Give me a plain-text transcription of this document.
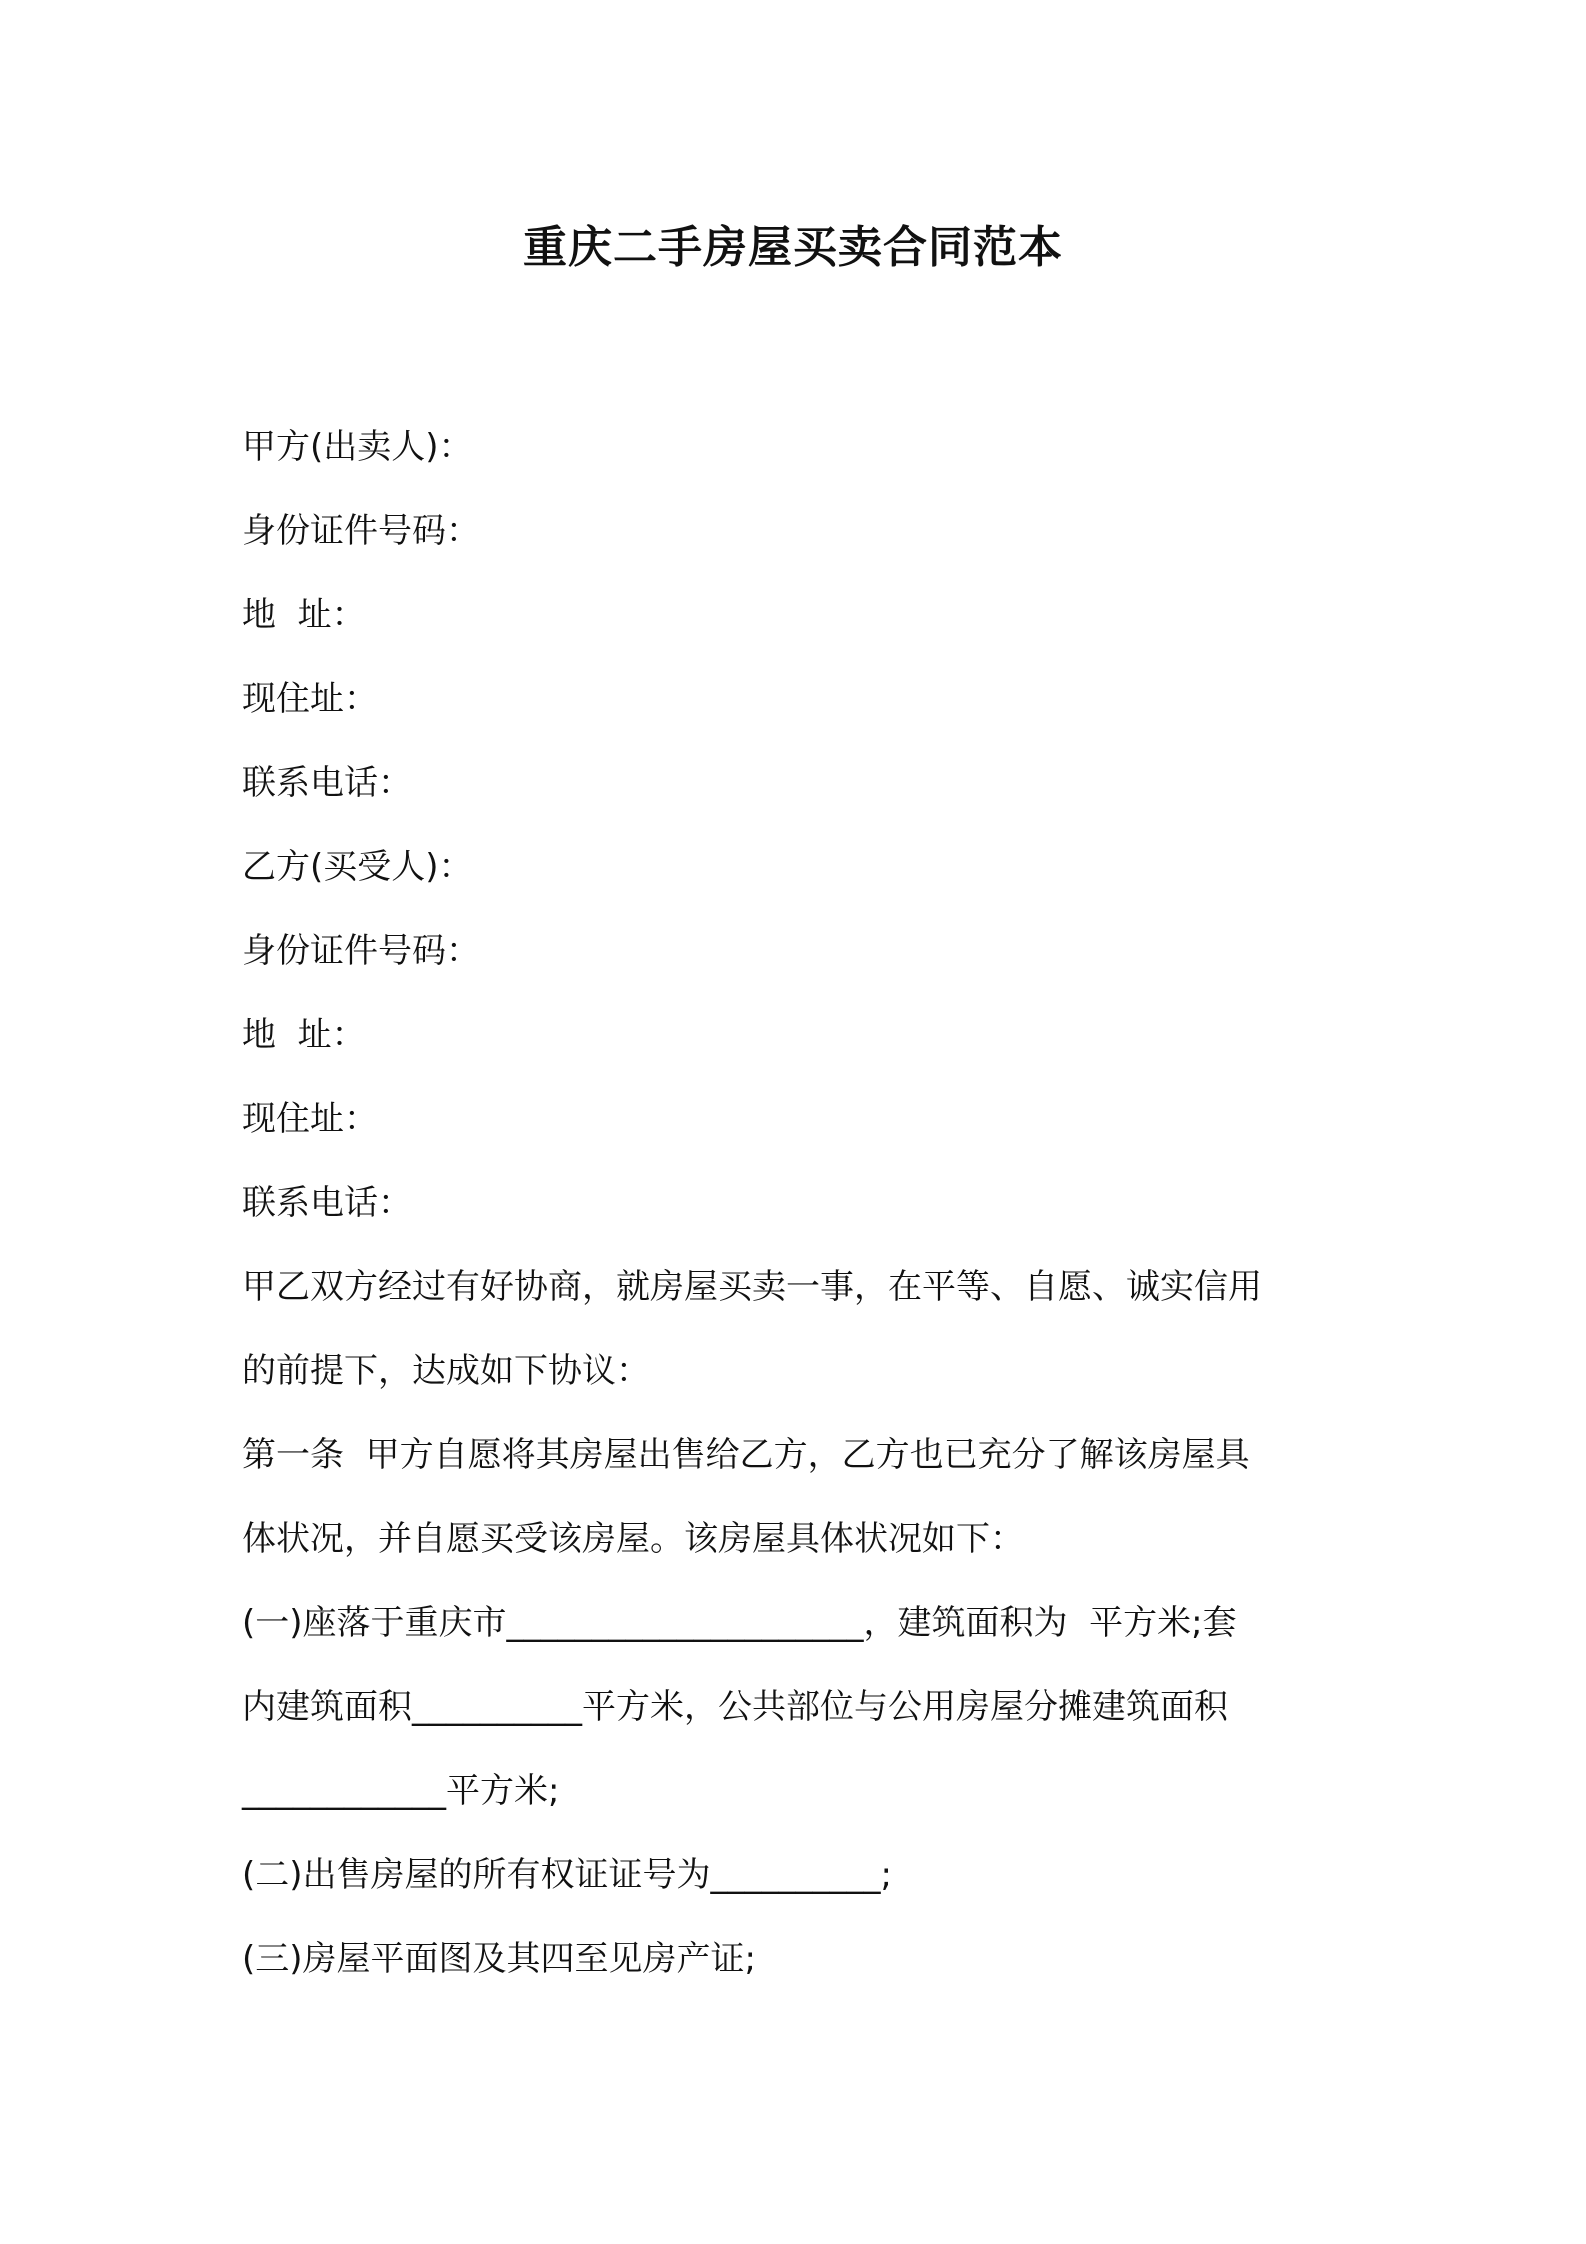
重庆二手房屋买卖合同范本
甲方(出卖人)：
身份证件号码：
地  址：
现住址：
联系电话：
乙方(买受人)：
身份证件号码：
地  址：
现住址：
联系电话：
甲乙双方经过有好协商，就房屋买卖一事，在平等、自愿、诚实信用
的前提下，达成如下协议：
第一条  甲方自愿将其房屋出售给乙方，乙方也已充分了解该房屋具
体状况，并自愿买受该房屋。该房屋具体状况如下：
(一)座落于重庆市_____________________，建筑面积为  平方米;套
内建筑面积__________平方米，公共部位与公用房屋分摊建筑面积
____________平方米;
(二)出售房屋的所有权证证号为__________;
(三)房屋平面图及其四至见房产证;
